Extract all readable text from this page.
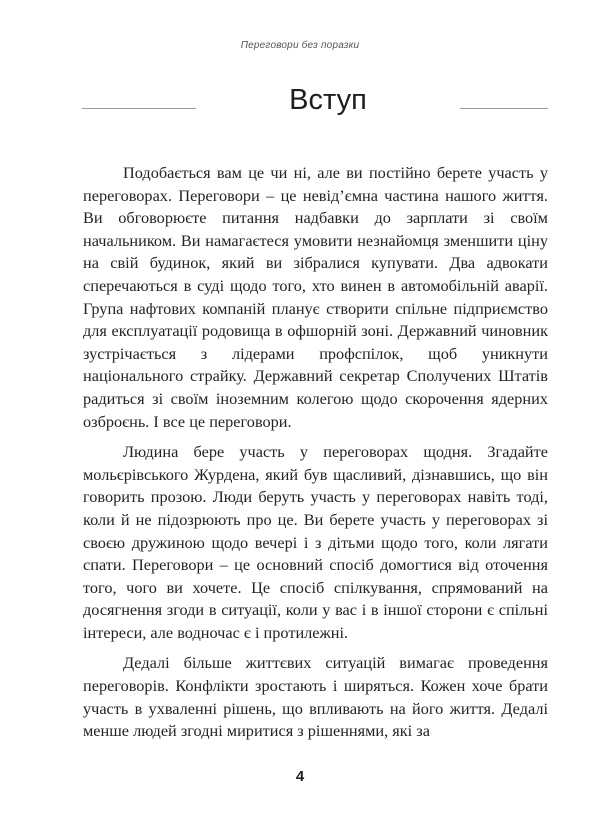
Переговори без поразки
Вступ

Подобається вам це чи ні, але ви постійно берете участь у переговорах. Переговори – це невід’ємна частина нашого життя. Ви обговорюєте питання надбавки до зарплати зі своїм начальником. Ви намагаєтеся умовити незнайомця зменшити ціну на свій будинок, який ви зібралися купувати. Два адвокати сперечаються в суді щодо того, хто винен в автомобільній аварії. Група нафтових компаній планує створити спільне підприємство для експлуатації родовища в офшорній зоні. Державний чиновник зустрічається з лідерами профспілок, щоб уникнути національного страйку. Державний секретар Сполучених Штатів радиться зі своїм іноземним колегою щодо скорочення ядерних озброєнь. І все це переговори.

Людина бере участь у переговорах щодня. Згадайте мольєрівського Журдена, який був щасливий, дізнавшись, що він говорить прозою. Люди беруть участь у переговорах навіть тоді, коли й не підозрюють про це. Ви берете участь у переговорах зі своєю дружиною щодо вечері і з дітьми щодо того, коли лягати спати. Переговори – це основний спосіб домогтися від оточення того, чого ви хочете. Це спосіб спілкування, спрямований на досягнення згоди в ситуації, коли у вас і в іншої сторони є спільні інтереси, але водночас є і протилежні.

Дедалі більше життєвих ситуацій вимагає проведення переговорів. Конфлікти зростають і ширяться. Кожен хоче брати участь в ухваленні рішень, що впливають на його життя. Дедалі менше людей згодні миритися з рішеннями, які за

4
